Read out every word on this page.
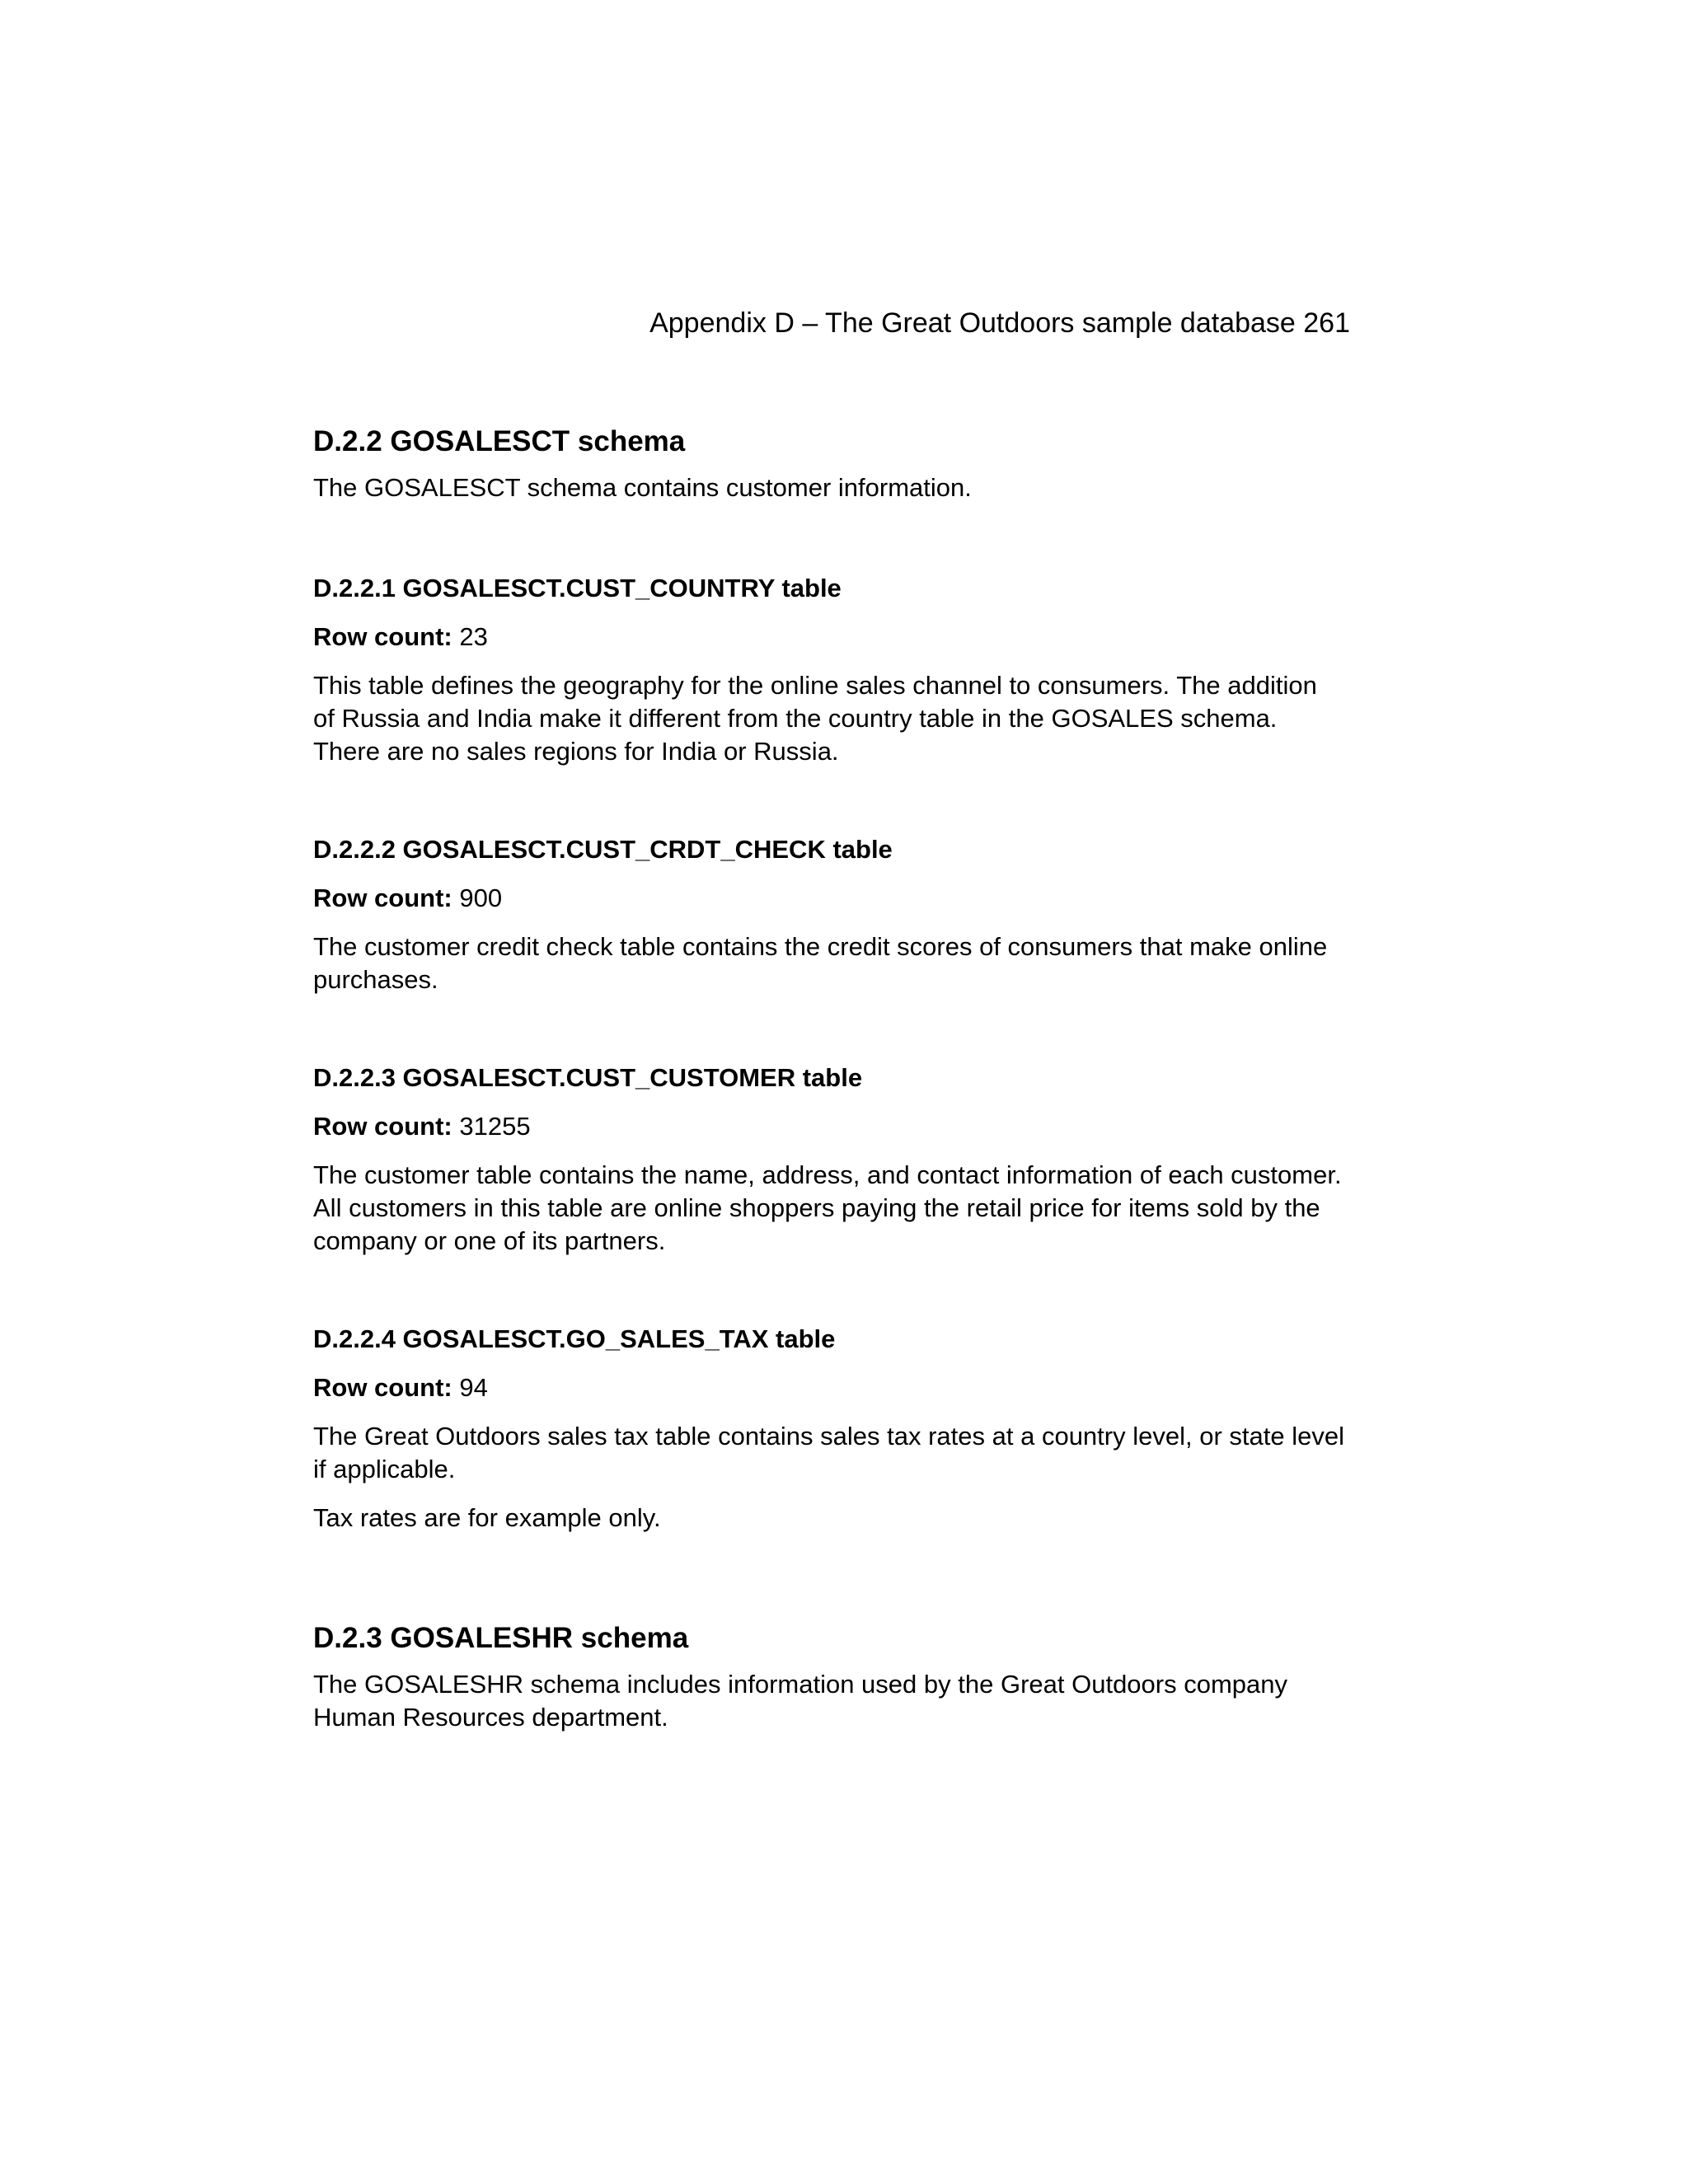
Appendix D – The Great Outdoors sample database 261
D.2.2 GOSALESCT schema

The GOSALESCT schema contains customer information.

D.2.2.1 GOSALESCT.CUST_COUNTRY table

Row count: 23

This table defines the geography for the online sales channel to consumers. The addition
of Russia and India make it different from the country table in the GOSALES schema.
There are no sales regions for India or Russia.
D.2.2.2 GOSALESCT.CUST_CRDT_CHECK table

Row count: 900

The customer credit check table contains the credit scores of consumers that make online
purchases.
D.2.2.3 GOSALESCT.CUST_CUSTOMER table

Row count: 31255

The customer table contains the name, address, and contact information of each customer.
All customers in this table are online shoppers paying the retail price for items sold by the
company or one of its partners.
D.2.2.4 GOSALESCT.GO_SALES_TAX table

Row count: 94

The Great Outdoors sales tax table contains sales tax rates at a country level, or state level
if applicable.

Tax rates are for example only.

D.2.3 GOSALESHR schema
The GOSALESHR schema includes information used by the Great Outdoors company
Human Resources department.
